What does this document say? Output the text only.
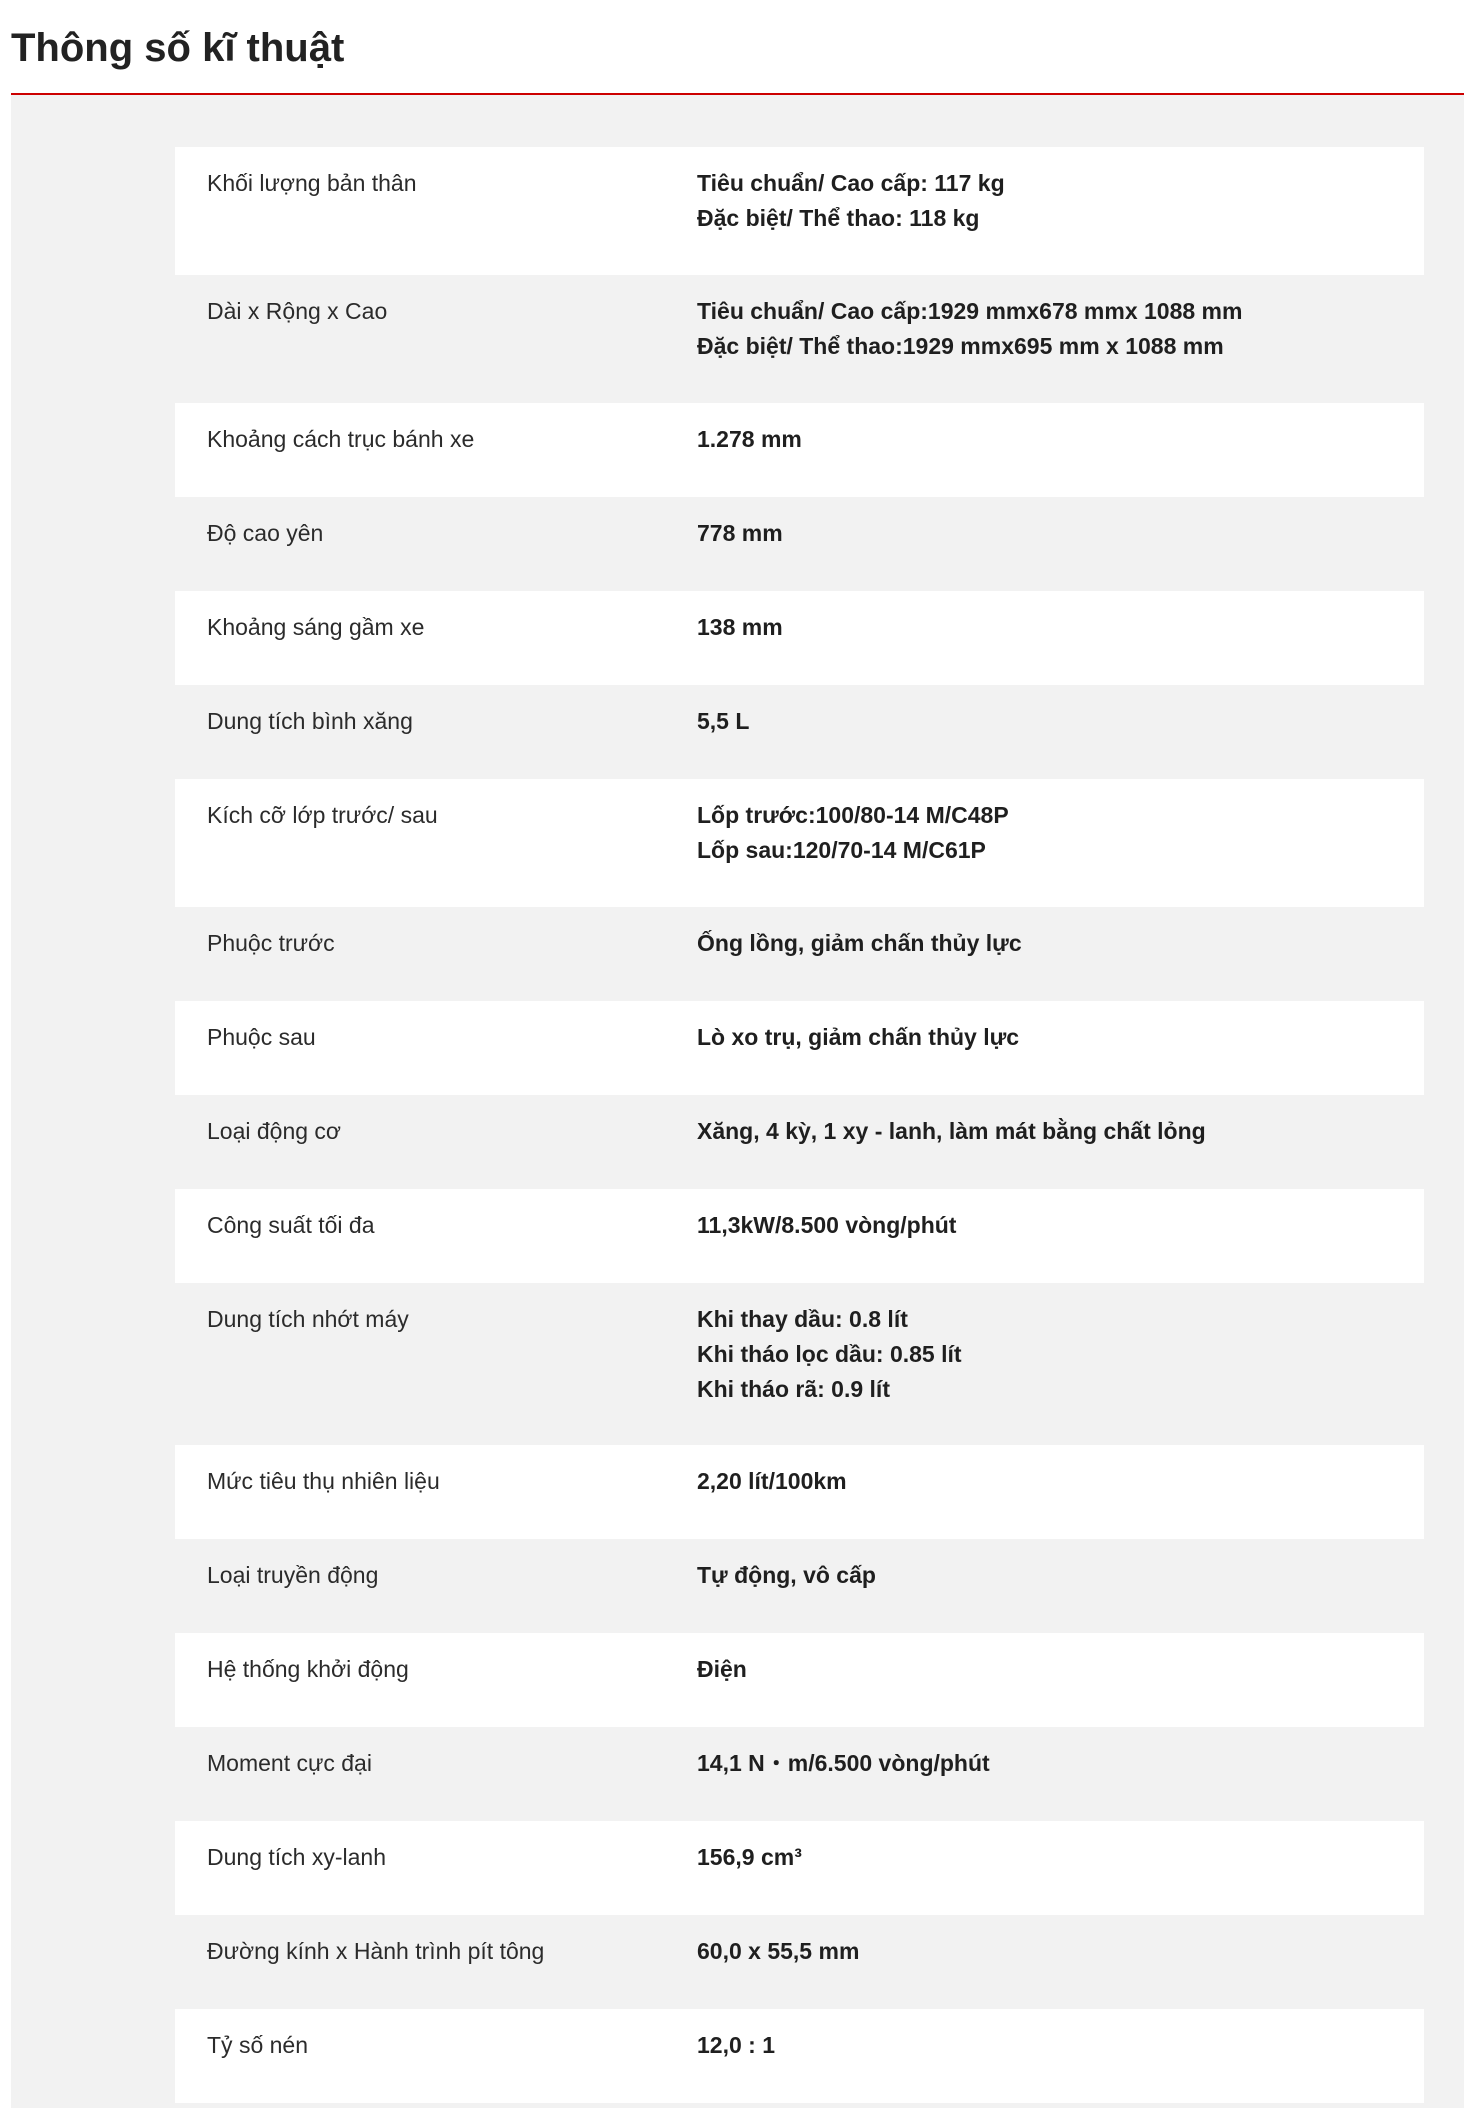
Thông số kĩ thuật
Khối lượng bản thân	Tiêu chuẩn/ Cao cấp: 117 kg
Đặc biệt/ Thể thao: 118 kg
Dài x Rộng x Cao	Tiêu chuẩn/ Cao cấp:1929 mmx678 mmx 1088 mm
Đặc biệt/ Thể thao:1929 mmx695 mm x 1088 mm
Khoảng cách trục bánh xe	1.278 mm
Độ cao yên	778 mm
Khoảng sáng gầm xe	138 mm
Dung tích bình xăng	5,5 L
Kích cỡ lớp trước/ sau	Lốp trước:100/80-14 M/C48P
Lốp sau:120/70-14 M/C61P
Phuộc trước	Ống lồng, giảm chấn thủy lực
Phuộc sau	Lò xo trụ, giảm chấn thủy lực
Loại động cơ	Xăng, 4 kỳ, 1 xy - lanh, làm mát bằng chất lỏng
Công suất tối đa	11,3kW/8.500 vòng/phút
Dung tích nhớt máy	Khi thay dầu: 0.8 lít
Khi tháo lọc dầu: 0.85 lít
Khi tháo rã: 0.9 lít
Mức tiêu thụ nhiên liệu	2,20 lít/100km
Loại truyền động	Tự động, vô cấp
Hệ thống khởi động	Điện
Moment cực đại	14,1 N・m/6.500 vòng/phút
Dung tích xy-lanh	156,9 cm³
Đường kính x Hành trình pít tông	60,0 x 55,5 mm
Tỷ số nén	12,0 : 1
